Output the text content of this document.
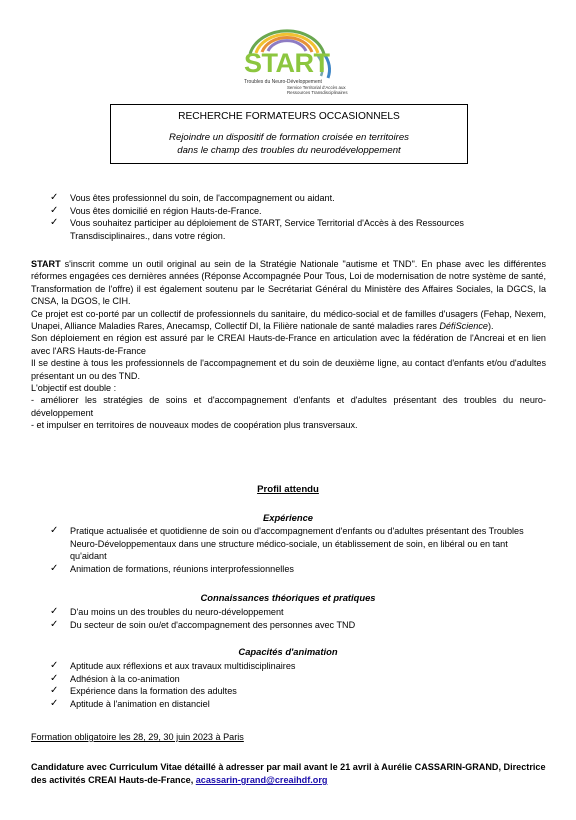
START
Troubles du Neuro-Développement
Service Territorial d'Accès aux
Ressources Transdisciplinaires
RECHERCHE FORMATEURS OCCASIONNELS
Rejoindre un dispositif de formation croisée en territoires
dans le champ des troubles du neurodéveloppement
✓ Vous êtes professionnel du soin, de l'accompagnement ou aidant.
✓ Vous êtes domicilié en région Hauts-de-France.
✓ Vous souhaitez participer au déploiement de START, Service Territorial d'Accès à des Ressources Transdisciplinaires., dans votre région.

START s'inscrit comme un outil original au sein de la Stratégie Nationale "autisme et TND". En phase avec les différentes réformes engagées ces dernières années (Réponse Accompagnée Pour Tous, Loi de modernisation de notre système de santé, Transformation de l'offre) il est également soutenu par le Secrétariat Général du Ministère des Affaires Sociales, la DGCS, la CNSA, la DGOS, le CIH.

Ce projet est co-porté par un collectif de professionnels du sanitaire, du médico-social et de familles d'usagers (Fehap, Nexem, Unapei, Alliance Maladies Rares, Anecamsp, Collectif DI, la Filière nationale de santé maladies rares DéfiScience).

Son déploiement en région est assuré par le CREAI Hauts-de-France en articulation avec la fédération de l'Ancreai et en lien avec l'ARS Hauts-de-France

Il se destine à tous les professionnels de l'accompagnement et du soin de deuxième ligne, au contact d'enfants et/ou d'adultes présentant un ou des TND.

L'objectif est double :

- améliorer les stratégies de soins et d'accompagnement d'enfants et d'adultes présentant des troubles du neuro-développement

- et impulser en territoires de nouveaux modes de coopération plus transversaux.

Profil attendu
Expérience
✓ Pratique actualisée et quotidienne de soin ou d'accompagnement d'enfants ou d'adultes présentant des Troubles Neuro-Développementaux dans une structure médico-sociale, un établissement de soin, en libéral ou en tant qu'aidant
✓ Animation de formations, réunions interprofessionnelles
Connaissances théoriques et pratiques
✓ D'au moins un des troubles du neuro-développement
✓ Du secteur de soin ou/et d'accompagnement des personnes avec TND
Capacités d'animation
✓ Aptitude aux réflexions et aux travaux multidisciplinaires
✓ Adhésion à la co-animation
✓ Expérience dans la formation des adultes
✓ Aptitude à l'animation en distanciel
Formation obligatoire les 28, 29, 30 juin 2023 à Paris
Candidature avec Curriculum Vitae détaillé à adresser par mail avant le 21 avril à Aurélie CASSARIN-GRAND, Directrice des activités CREAI Hauts-de-France, acassarin-grand@creaihdf.org
